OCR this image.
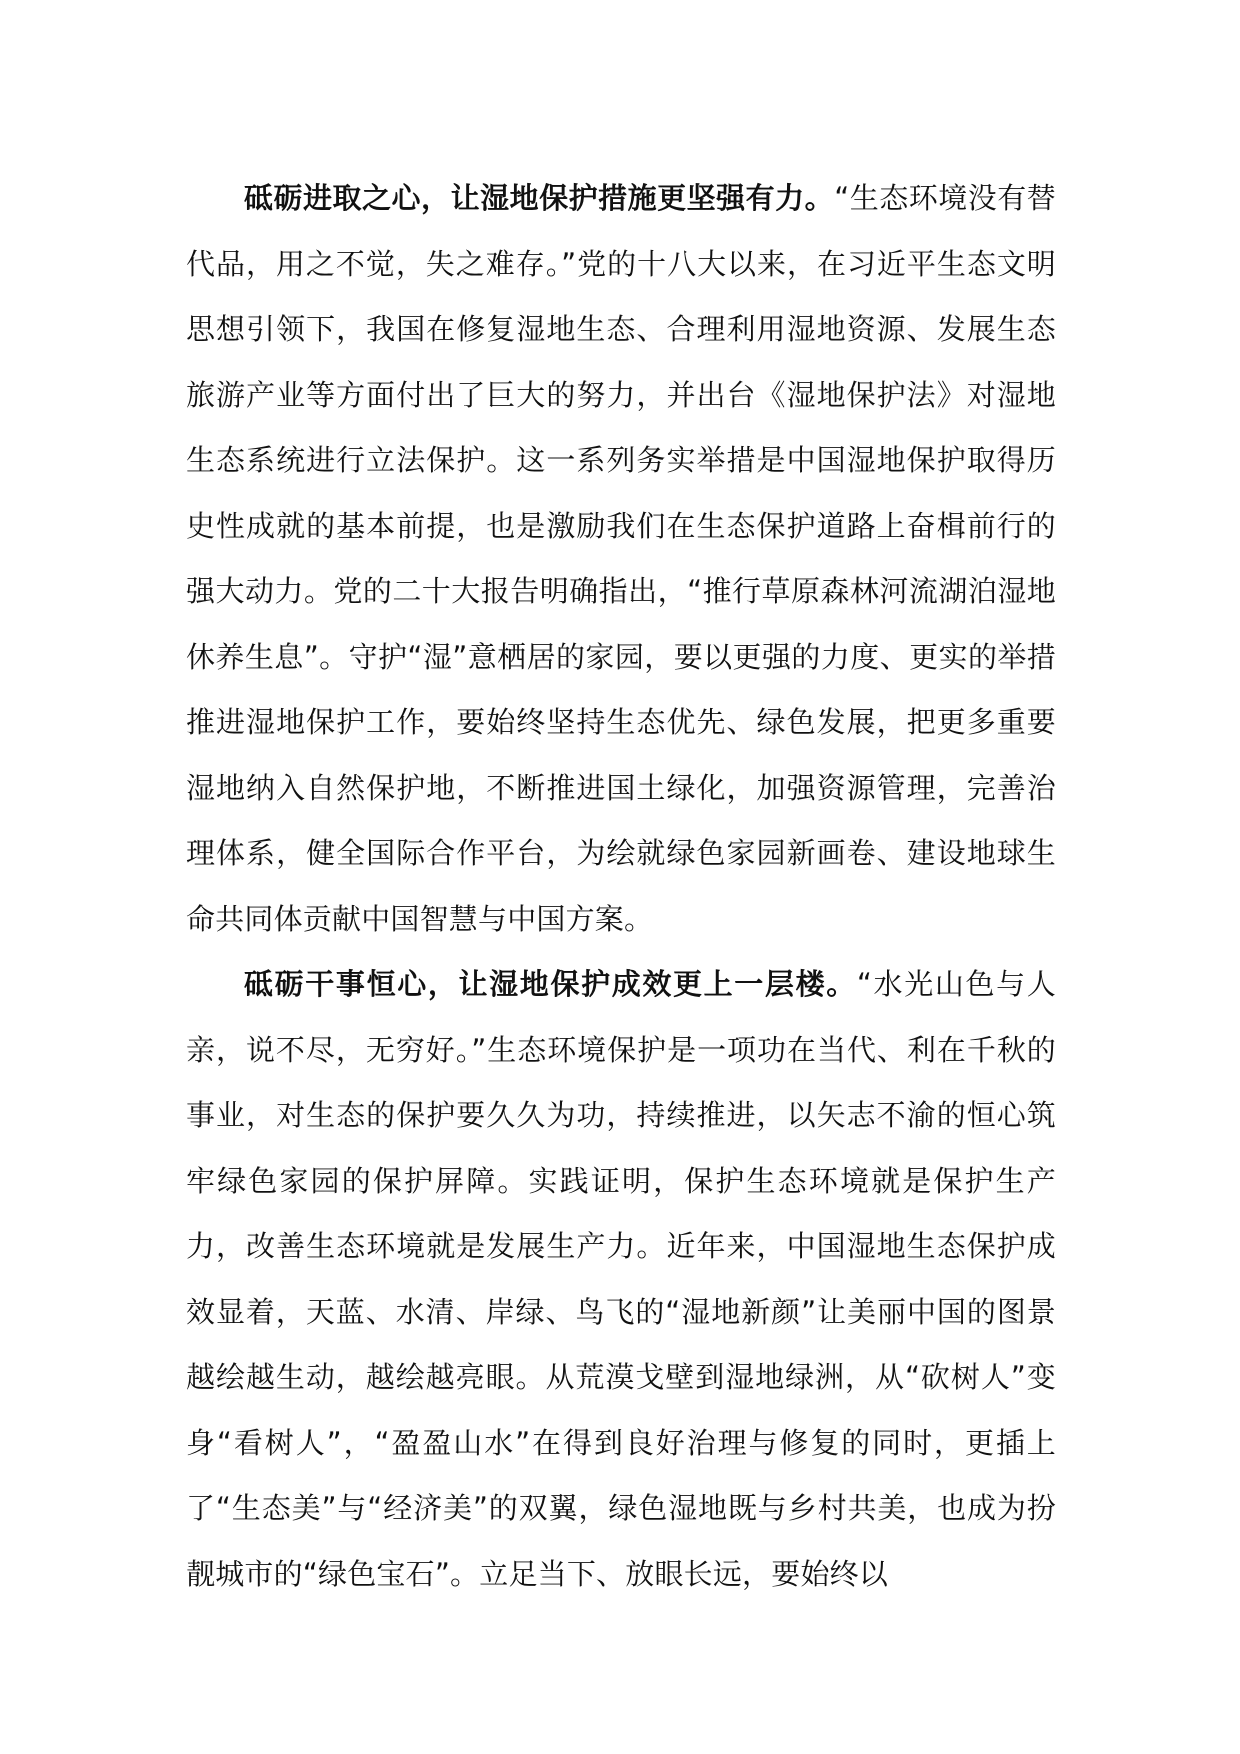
砥砺进取之心，让湿地保护措施更坚强有力。“生态环境没有替代品，用之不觉，失之难存。”党的十八大以来，在习近平生态文明思想引领下，我国在修复湿地生态、合理利用湿地资源、发展生态旅游产业等方面付出了巨大的努力，并出台《湿地保护法》对湿地生态系统进行立法保护。这一系列务实举措是中国湿地保护取得历史性成就的基本前提，也是激励我们在生态保护道路上奋楫前行的强大动力。党的二十大报告明确指出，“推行草原森林河流湖泊湿地休养生息”。守护“湿”意栖居的家园，要以更强的力度、更实的举措推进湿地保护工作，要始终坚持生态优先、绿色发展，把更多重要湿地纳入自然保护地，不断推进国土绿化，加强资源管理，完善治理体系，健全国际合作平台，为绘就绿色家园新画卷、建设地球生命共同体贡献中国智慧与中国方案。

砥砺干事恒心，让湿地保护成效更上一层楼。“水光山色与人亲，说不尽，无穷好。”生态环境保护是一项功在当代、利在千秋的事业，对生态的保护要久久为功，持续推进，以矢志不渝的恒心筑牢绿色家园的保护屏障。实践证明，保护生态环境就是保护生产力，改善生态环境就是发展生产力。近年来，中国湿地生态保护成效显着，天蓝、水清、岸绿、鸟飞的“湿地新颜”让美丽中国的图景越绘越生动，越绘越亮眼。从荒漠戈壁到湿地绿洲，从“砍树人”变身“看树人”，“盈盈山水”在得到良好治理与修复的同时，更插上了“生态美”与“经济美”的双翼，绿色湿地既与乡村共美，也成为扮靓城市的“绿色宝石”。立足当下、放眼长远，要始终以
